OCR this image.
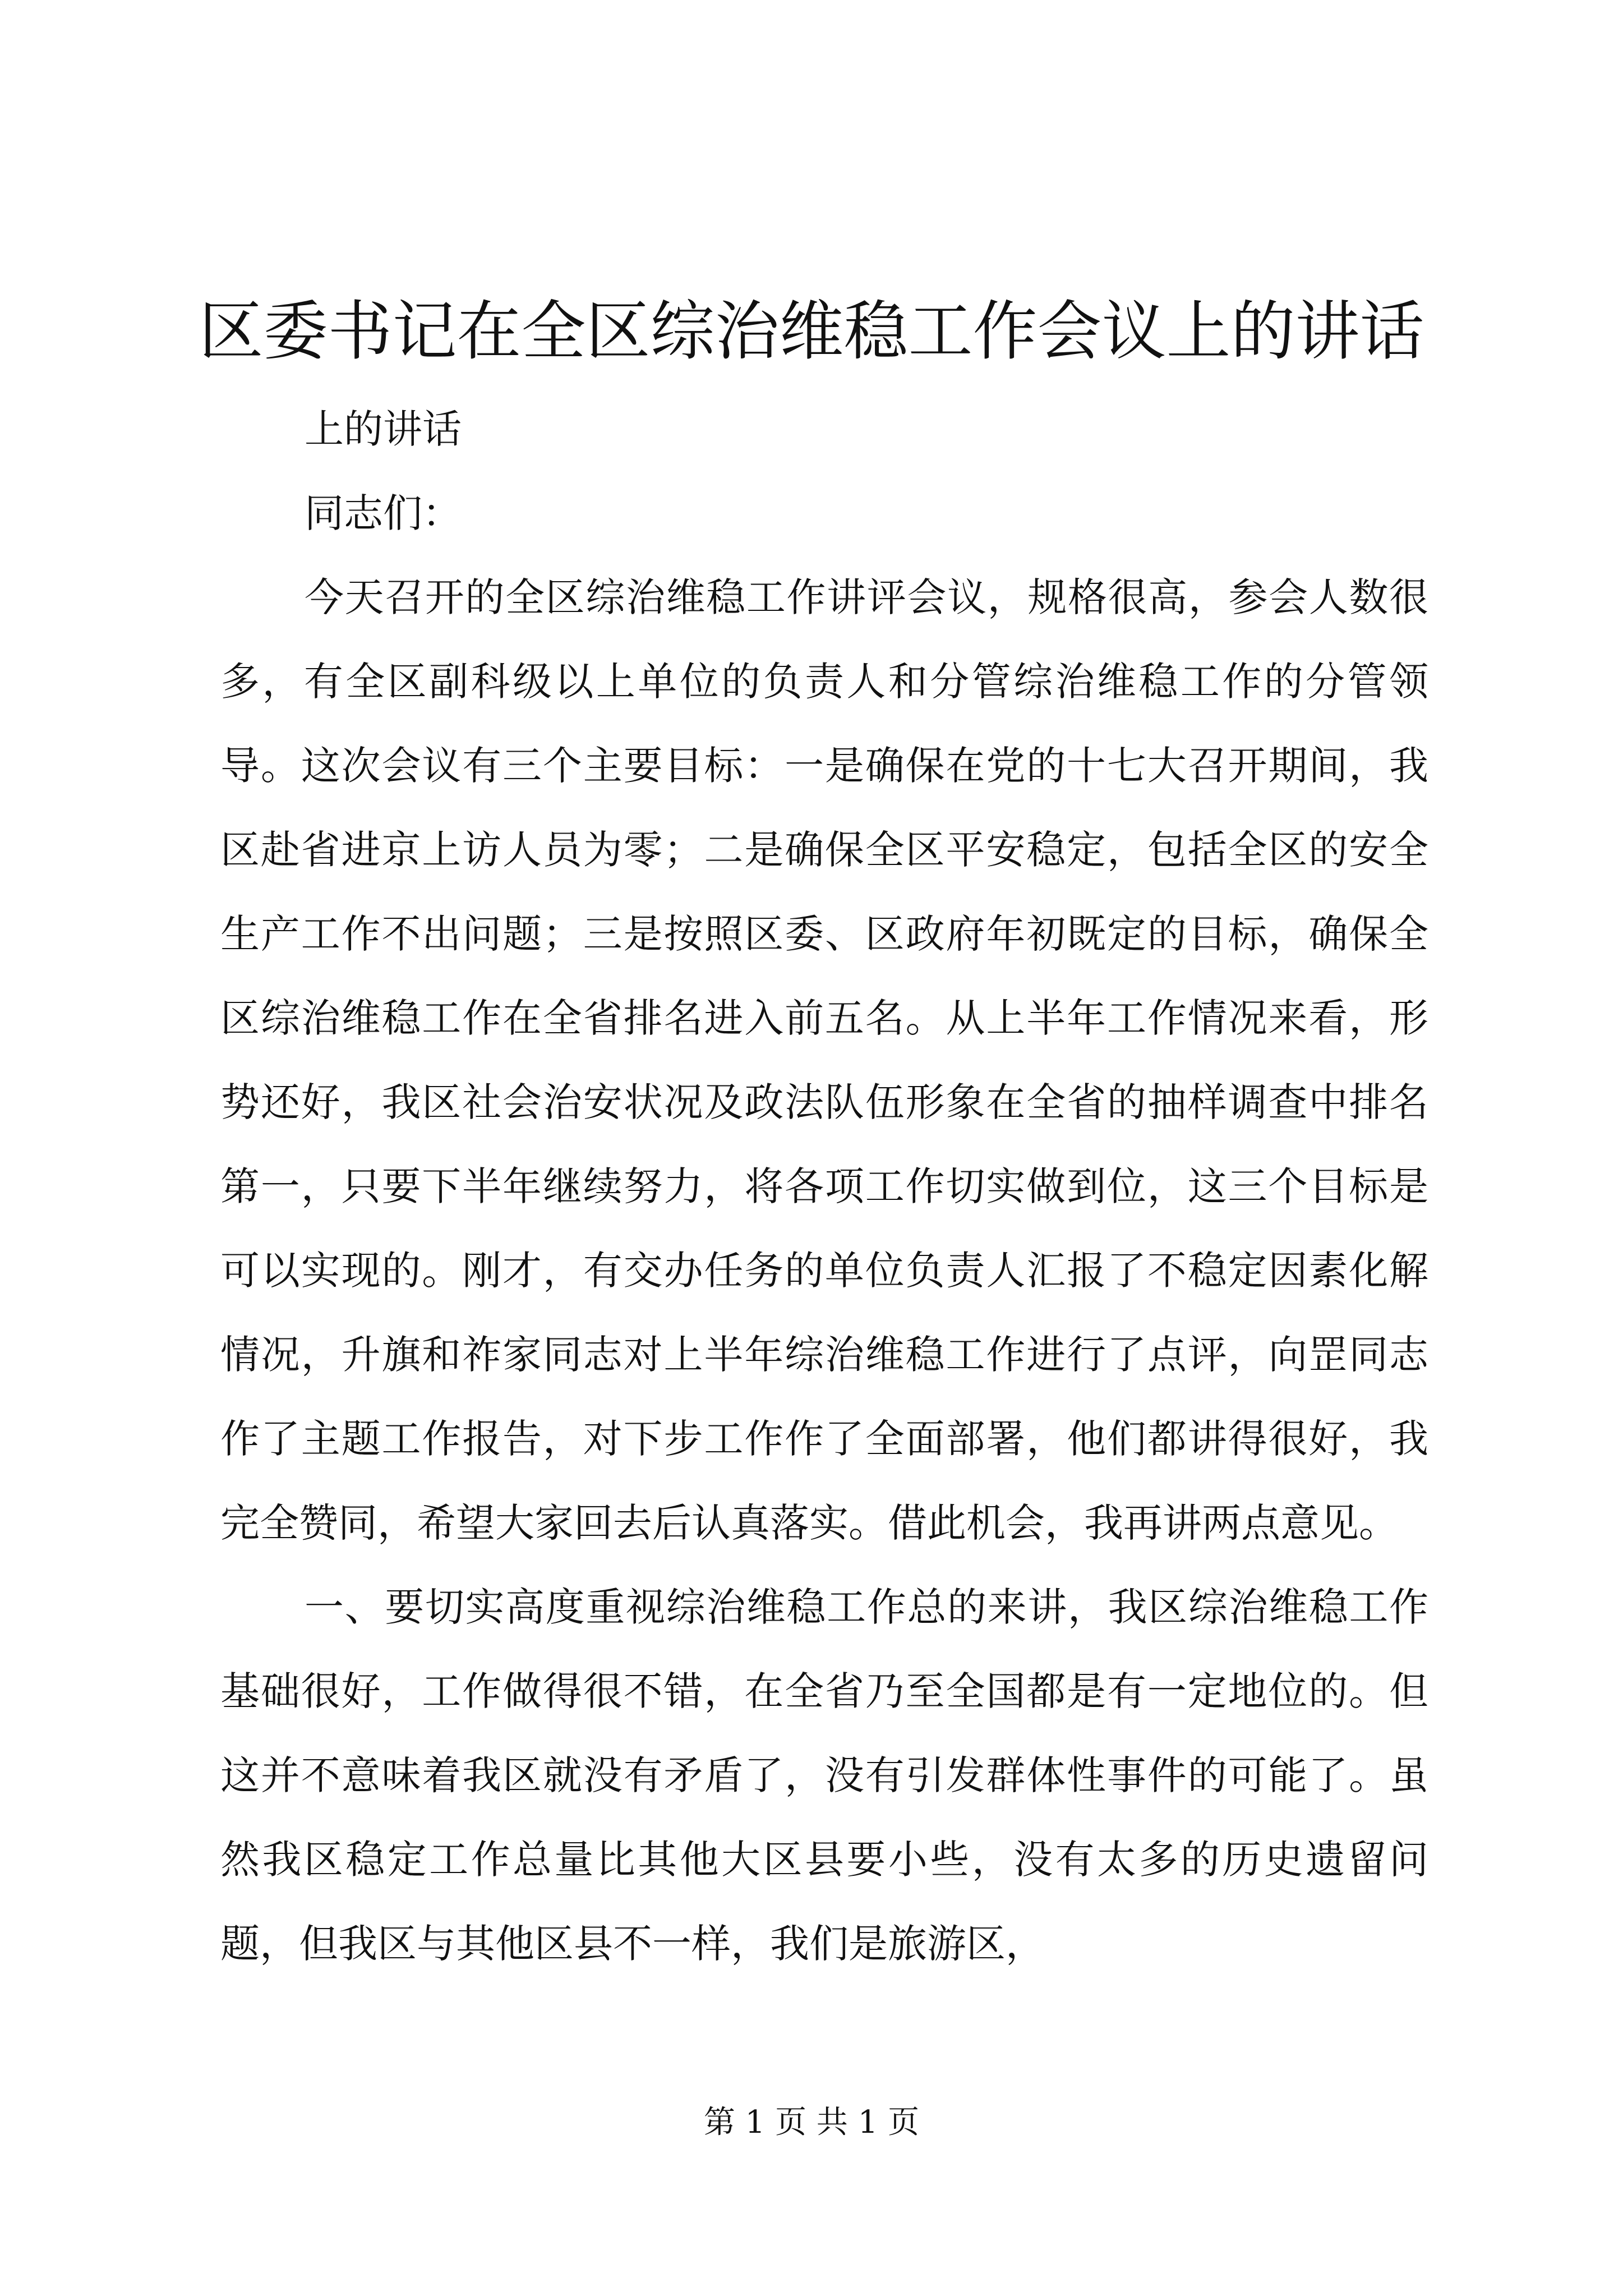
区委书记在全区综治维稳工作会议上的讲话

上的讲话

同志们：

今天召开的全区综治维稳工作讲评会议，规格很高，参会人数很多，有全区副科级以上单位的负责人和分管综治维稳工作的分管领导。这次会议有三个主要目标：一是确保在党的十七大召开期间，我区赴省进京上访人员为零；二是确保全区平安稳定，包括全区的安全生产工作不出问题；三是按照区委、区政府年初既定的目标，确保全区综治维稳工作在全省排名进入前五名。从上半年工作情况来看，形势还好，我区社会治安状况及政法队伍形象在全省的抽样调查中排名第一，只要下半年继续努力，将各项工作切实做到位，这三个目标是可以实现的。刚才，有交办任务的单位负责人汇报了不稳定因素化解情况，升旗和祚家同志对上半年综治维稳工作进行了点评，向罡同志作了主题工作报告，对下步工作作了全面部署，他们都讲得很好，我完全赞同，希望大家回去后认真落实。借此机会，我再讲两点意见。

一、要切实高度重视综治维稳工作总的来讲，我区综治维稳工作基础很好，工作做得很不错，在全省乃至全国都是有一定地位的。但这并不意味着我区就没有矛盾了，没有引发群体性事件的可能了。虽然我区稳定工作总量比其他大区县要小些，没有太多的历史遗留问题，但我区与其他区县不一样，我们是旅游区，

第 1 页 共 1 页
